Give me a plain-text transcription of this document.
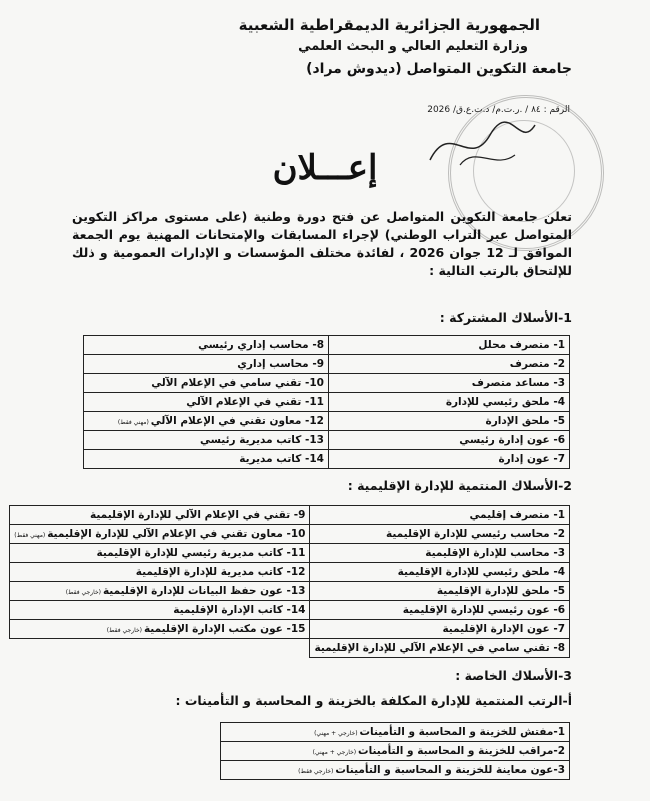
الجمهورية الجزائرية الديمقراطية الشعبية
وزارة التعليم العالي و البحث العلمي
جامعة التكوين المتواصل (ديدوش مراد)
الرقم : ٨٤ / .ر.ت.م/ د.ت.ع.ق/ 2026
إعـــلان
تعلن جامعة التكوين المتواصل عن فتح دورة وطنية (على مستوى مراكز التكوين المتواصل عبر التراب الوطني) لإجراء المسابقات والإمتحانات المهنية يوم الجمعة الموافق لـ 12 جوان 2026 ، لفائدة مختلف المؤسسات و الإدارات العمومية و ذلك للإلتحاق بالرتب التالية :
1-الأسلاك المشتركة :
1- متصرف محلل	8- محاسب إداري رئيسي
2- متصرف	9- محاسب إداري
3- مساعد متصرف	10- تقني سامي في الإعلام الآلي
4- ملحق رئيسي للإدارة	11- تقني في الإعلام الآلي
5- ملحق الإدارة	12- معاون تقني في الإعلام الآلي (مهني فقط)
6- عون إدارة رئيسي	13- كاتب مديرية رئيسي
7- عون إدارة	14- كاتب مديرية
2-الأسلاك المنتمية للإدارة الإقليمية :
1- متصرف إقليمي	9- تقني في الإعلام الآلي للإدارة الإقليمية
2- محاسب رئيسي للإدارة الإقليمية	10- معاون تقني في الإعلام الآلي للإدارة الإقليمية (مهني فقط)
3- محاسب للإدارة الإقليمية	11- كاتب مديرية رئيسي للإدارة الإقليمية
4- ملحق رئيسي للإدارة الإقليمية	12- كاتب مديرية للإدارة الإقليمية
5- ملحق للإدارة الإقليمية	13- عون حفظ البيانات للإدارة الإقليمية (خارجي فقط)
6- عون رئيسي للإدارة الإقليمية	14- كاتب الإدارة الإقليمية
7- عون الإدارة الإقليمية	15- عون مكتب الإدارة الإقليمية (خارجي فقط)
8- تقني سامي في الإعلام الآلي للإدارة الإقليمية	
3-الأسلاك الخاصة :
أ-الرتب المنتمية للإدارة المكلفة بالخزينة و المحاسبة و التأمينات :
1-مفتش للخزينة و المحاسبة و التأمينات (خارجي + مهني)
2-مراقب للخزينة و المحاسبة و التأمينات (خارجي + مهني)
3-عون معاينة للخزينة و المحاسبة و التأمينات (خارجي فقط)
